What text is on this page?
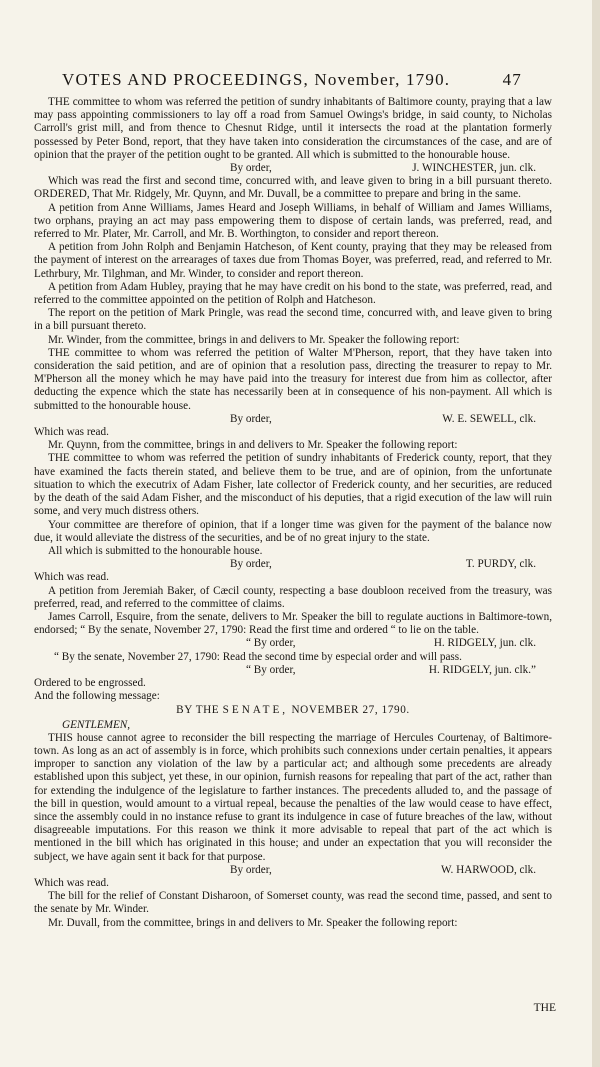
VOTES AND PROCEEDINGS, November, 1790.	47

THE committee to whom was referred the petition of sundry inhabitants of Baltimore county, praying that a law may pass appointing commissioners to lay off a road from Samuel Owings's bridge, in said county, to Nicholas Carroll's grist mill, and from thence to Chesnut Ridge, until it intersects the road at the plantation formerly possessed by Peter Bond, report, that they have taken into consideration the circumstances of the case, and are of opinion that the prayer of the petition ought to be granted. All which is submitted to the honourable house.

By order,	J. WINCHESTER, jun. clk.

Which was read the first and second time, concurred with, and leave given to bring in a bill pursuant thereto. ORDERED, That Mr. Ridgely, Mr. Quynn, and Mr. Duvall, be a committee to prepare and bring in the same.

A petition from Anne Williams, James Heard and Joseph Williams, in behalf of William and James Williams, two orphans, praying an act may pass empowering them to dispose of certain lands, was preferred, read, and referred to Mr. Plater, Mr. Carroll, and Mr. B. Worthington, to consider and report thereon.

A petition from John Rolph and Benjamin Hatcheson, of Kent county, praying that they may be released from the payment of interest on the arrearages of taxes due from Thomas Boyer, was preferred, read, and referred to Mr. Lethrbury, Mr. Tilghman, and Mr. Winder, to consider and report thereon.

A petition from Adam Hubley, praying that he may have credit on his bond to the state, was preferred, read, and referred to the committee appointed on the petition of Rolph and Hatcheson.

The report on the petition of Mark Pringle, was read the second time, concurred with, and leave given to bring in a bill pursuant thereto.

Mr. Winder, from the committee, brings in and delivers to Mr. Speaker the following report:

THE committee to whom was referred the petition of Walter M'Pherson, report, that they have taken into consideration the said petition, and are of opinion that a resolution pass, directing the treasurer to repay to Mr. M'Pherson all the money which he may have paid into the treasury for interest due from him as collector, after deducting the expence which the state has necessarily been at in consequence of his non-payment. All which is submitted to the honourable house.

By order,	W. E. SEWELL, clk.

Which was read.

Mr. Quynn, from the committee, brings in and delivers to Mr. Speaker the following report:

THE committee to whom was referred the petition of sundry inhabitants of Frederick county, report, that they have examined the facts therein stated, and believe them to be true, and are of opinion, from the unfortunate situation to which the executrix of Adam Fisher, late collector of Frederick county, and her securities, are reduced by the death of the said Adam Fisher, and the misconduct of his deputies, that a rigid execution of the law will ruin some, and very much distress others.

Your committee are therefore of opinion, that if a longer time was given for the payment of the balance now due, it would alleviate the distress of the securities, and be of no great injury to the state.

All which is submitted to the honourable house.

By order,	T. PURDY, clk.

Which was read.

A petition from Jeremiah Baker, of Cæcil county, respecting a base doubloon received from the treasury, was preferred, read, and referred to the committee of claims.

James Carroll, Esquire, from the senate, delivers to Mr. Speaker the bill to regulate auctions in Baltimore-town, endorsed; “ By the senate, November 27, 1790: Read the first time and ordered “ to lie on the table.

“ By order,	H. RIDGELY, jun. clk.

“ By the senate, November 27, 1790: Read the second time by especial order and will pass.

“ By order,	H. RIDGELY, jun. clk.”

Ordered to be engrossed.

And the following message:

BY THE SENATE, NOVEMBER 27, 1790.

GENTLEMEN,

THIS house cannot agree to reconsider the bill respecting the marriage of Hercules Courtenay, of Baltimore-town. As long as an act of assembly is in force, which prohibits such connexions under certain penalties, it appears improper to sanction any violation of the law by a particular act; and although some precedents are already established upon this subject, yet these, in our opinion, furnish reasons for repealing that part of the act, rather than for extending the indulgence of the legislature to farther instances. The precedents alluded to, and the passage of the bill in question, would amount to a virtual repeal, because the penalties of the law would cease to have effect, since the assembly could in no instance refuse to grant its indulgence in case of future breaches of the law, without disagreeable imputations. For this reason we think it more advisable to repeal that part of the act which is mentioned in the bill which has originated in this house; and under an expectation that you will reconsider the subject, we have again sent it back for that purpose.

By order,	W. HARWOOD, clk.

Which was read.

The bill for the relief of Constant Disharoon, of Somerset county, was read the second time, passed, and sent to the senate by Mr. Winder.

Mr. Duvall, from the committee, brings in and delivers to Mr. Speaker the following report:

THE
